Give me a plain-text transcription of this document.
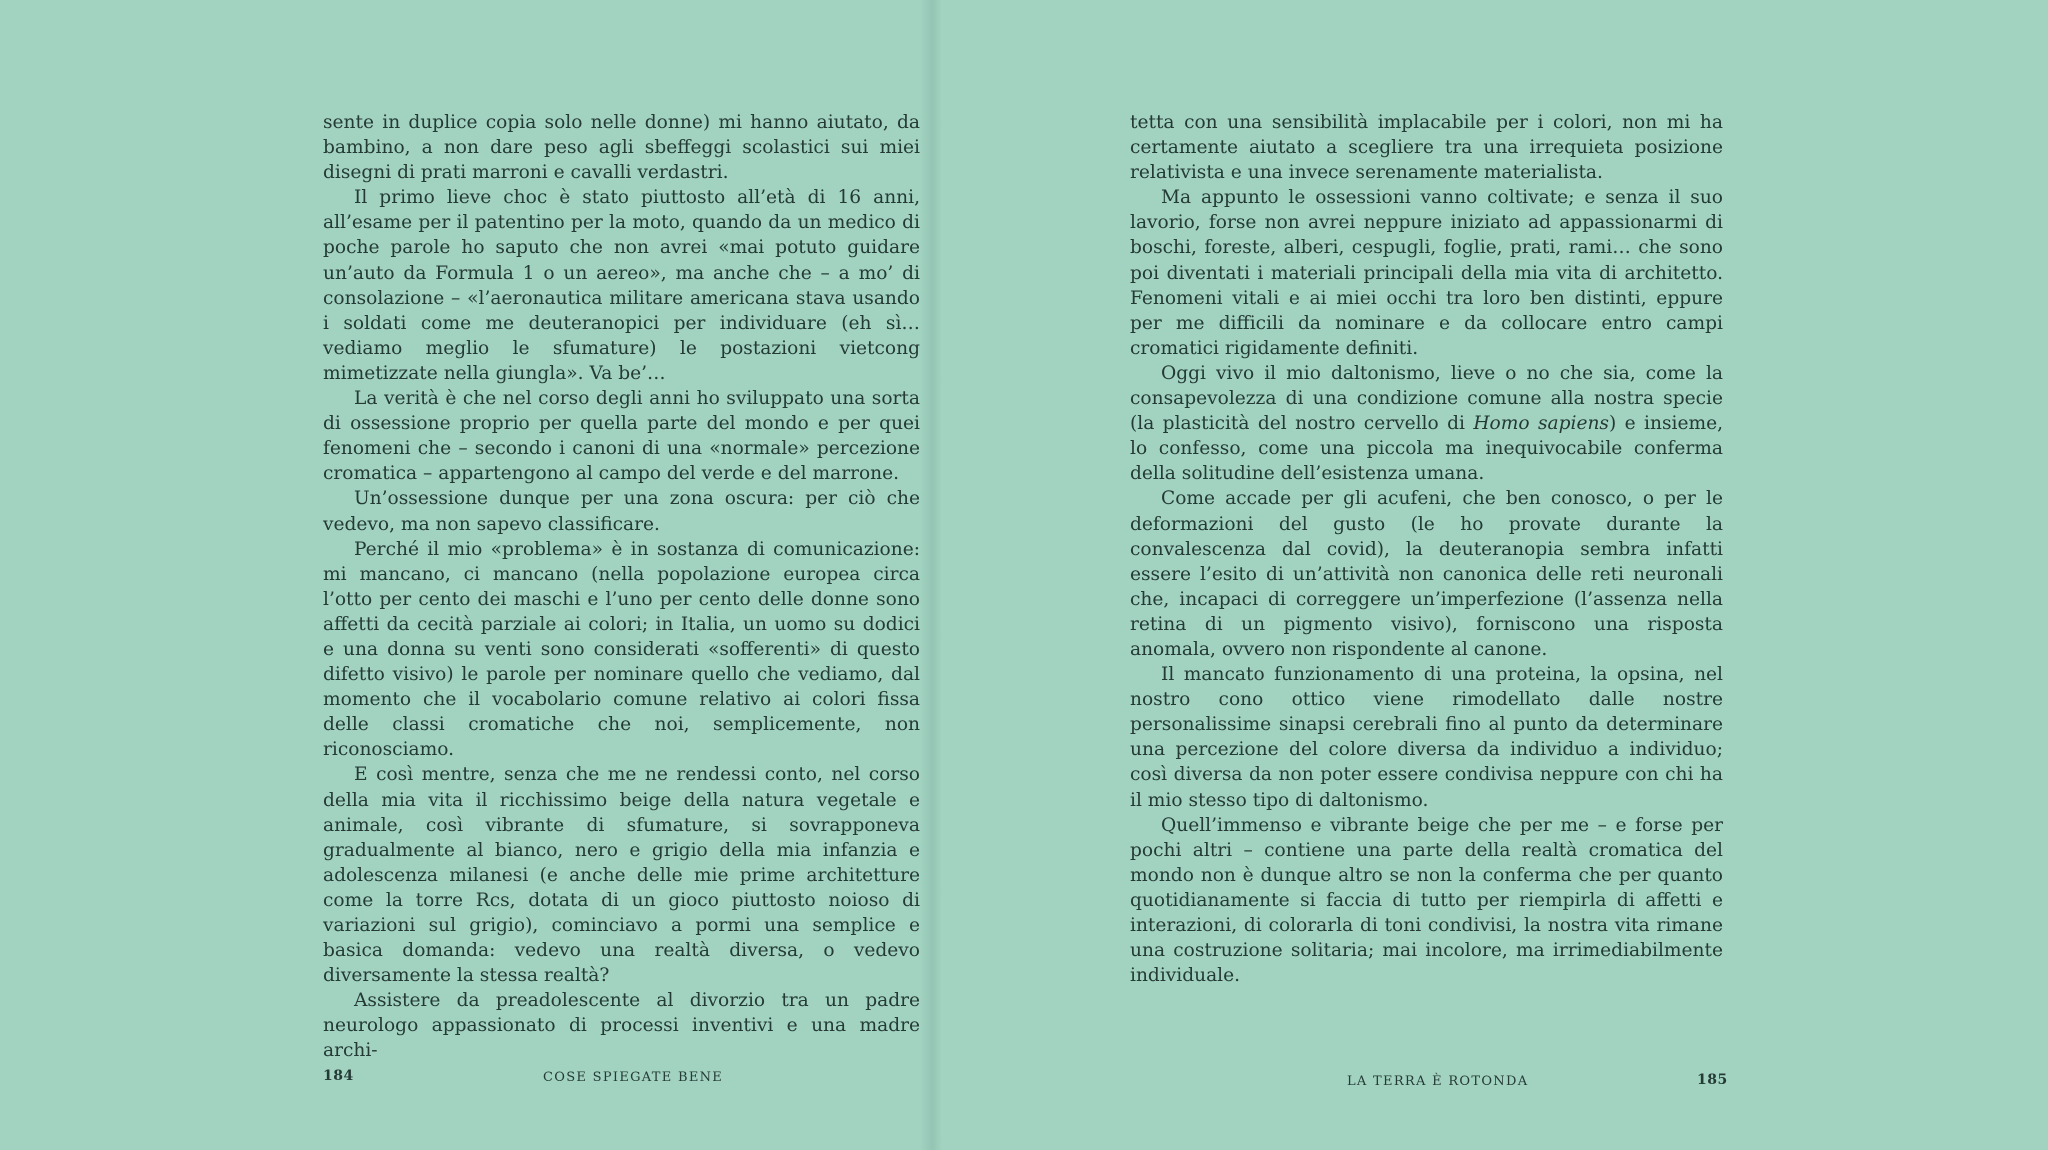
sente in duplice copia solo nelle donne) mi hanno aiutato, da bambino, a non dare peso agli sbeffeggi scolastici sui miei disegni di prati marroni e cavalli verdastri.

Il primo lieve choc è stato piuttosto all’età di 16 anni, all’esame per il patentino per la moto, quando da un medico di poche parole ho saputo che non avrei «mai potuto guidare un’auto da Formula 1 o un aereo», ma anche che – a mo’ di consolazione – «l’aeronautica militare americana stava usando i soldati come me deuteranopici per individuare (eh sì… vediamo meglio le sfumature) le postazioni vietcong mimetizzate nella giungla». Va be’…

La verità è che nel corso degli anni ho sviluppato una sorta di ossessione proprio per quella parte del mondo e per quei fenomeni che – secondo i canoni di una «normale» percezione cromatica – appartengono al campo del verde e del marrone.

Un’ossessione dunque per una zona oscura: per ciò che vedevo, ma non sapevo classificare.

Perché il mio «problema» è in sostanza di comunicazione: mi mancano, ci mancano (nella popolazione europea circa l’otto per cento dei maschi e l’uno per cento delle donne sono affetti da cecità parziale ai colori; in Italia, un uomo su dodici e una donna su venti sono considerati «sofferenti» di questo difetto visivo) le parole per nominare quello che vediamo, dal momento che il vocabolario comune relativo ai colori fissa delle classi cromatiche che noi, semplicemente, non riconosciamo.

E così mentre, senza che me ne rendessi conto, nel corso della mia vita il ricchissimo beige della natura vegetale e animale, così vibrante di sfumature, si sovrapponeva gradualmente al bianco, nero e grigio della mia infanzia e adolescenza milanesi (e anche delle mie prime architetture come la torre Rcs, dotata di un gioco piuttosto noioso di variazioni sul grigio), cominciavo a pormi una semplice e basica domanda: vedevo una realtà diversa, o vedevo diversamente la stessa realtà?

Assistere da preadolescente al divorzio tra un padre neurologo appassionato di processi inventivi e una madre archi-

tetta con una sensibilità implacabile per i colori, non mi ha certamente aiutato a scegliere tra una irrequieta posizione relativista e una invece serenamente materialista.

Ma appunto le ossessioni vanno coltivate; e senza il suo lavorio, forse non avrei neppure iniziato ad appassionarmi di boschi, foreste, alberi, cespugli, foglie, prati, rami… che sono poi diventati i materiali principali della mia vita di architetto. Fenomeni vitali e ai miei occhi tra loro ben distinti, eppure per me difficili da nominare e da collocare entro campi cromatici rigidamente definiti.

Oggi vivo il mio daltonismo, lieve o no che sia, come la consapevolezza di una condizione comune alla nostra specie (la plasticità del nostro cervello di Homo sapiens) e insieme, lo confesso, come una piccola ma inequivocabile conferma della solitudine dell’esistenza umana.

Come accade per gli acufeni, che ben conosco, o per le deformazioni del gusto (le ho provate durante la convalescenza dal covid), la deuteranopia sembra infatti essere l’esito di un’attività non canonica delle reti neuronali che, incapaci di correggere un’imperfezione (l’assenza nella retina di un pigmento visivo), forniscono una risposta anomala, ovvero non rispondente al canone.

Il mancato funzionamento di una proteina, la opsina, nel nostro cono ottico viene rimodellato dalle nostre personalissime sinapsi cerebrali fino al punto da determinare una percezione del colore diversa da individuo a individuo; così diversa da non poter essere condivisa neppure con chi ha il mio stesso tipo di daltonismo.

Quell’immenso e vibrante beige che per me – e forse per pochi altri – contiene una parte della realtà cromatica del mondo non è dunque altro se non la conferma che per quanto quotidianamente si faccia di tutto per riempirla di affetti e interazioni, di colorarla di toni condivisi, la nostra vita rimane una costruzione solitaria; mai incolore, ma irrimediabilmente individuale.

184	COSE SPIEGATE BENE	LA TERRA È ROTONDA	185
